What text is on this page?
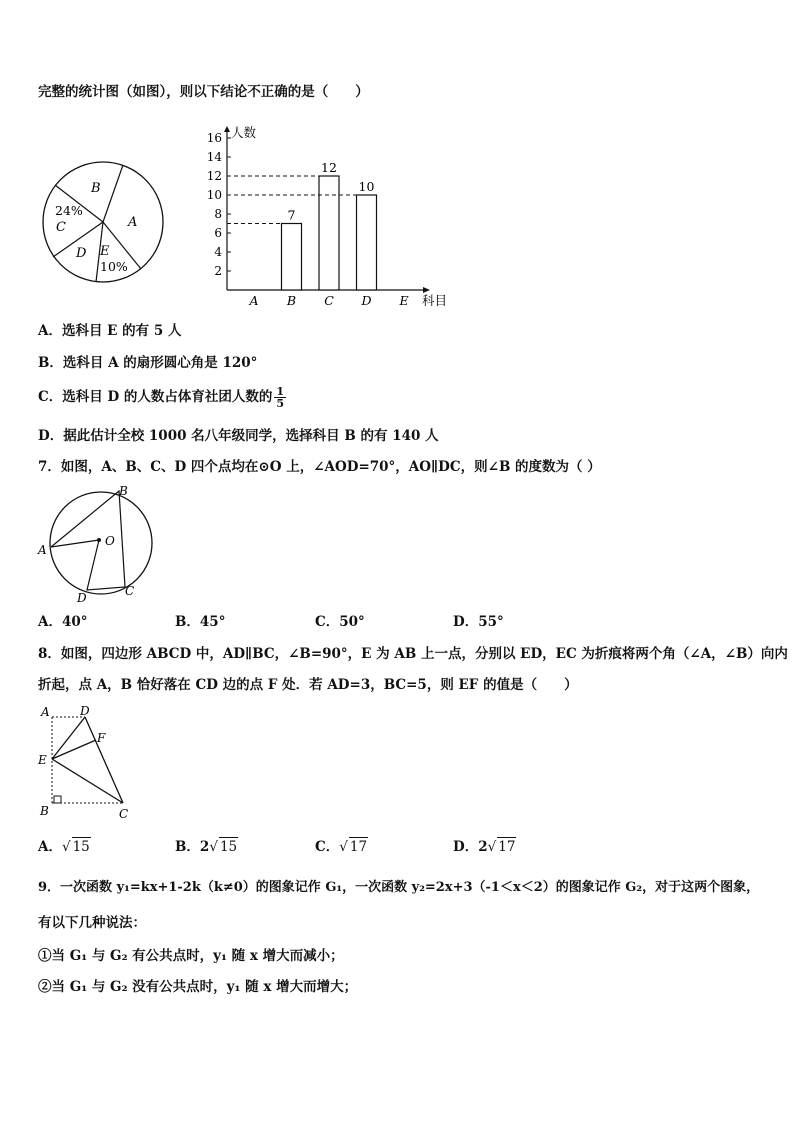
完整的统计图（如图），则以下结论不正确的是（　　）
B
A
24%
C
D E
10%	2
4
6
8
10
12
14
16 人数
科目
A B
7
C
12
D
10
E
A．选科目 E 的有 5 人
B．选科目 A 的扇形圆心角是 120°
C．选科目 D 的人数占体育社团人数的 $\frac{1}{5}$
D．据此估计全校 1000 名八年级同学，选择科目 B 的有 140 人
7．如图，A、B、C、D 四个点均在⊙O 上，∠AOD=70°，AO∥DC，则∠B 的度数为（ ）
B
A
O
C
D
A．40°	B．45°	C．50°	D．55°
8．如图，四边形 ABCD 中，AD∥BC，∠B=90°，E 为 AB 上一点，分别以 ED，EC 为折痕将两个角（∠A，∠B）向内
折起，点 A，B 恰好落在 CD 边的点 F 处．若 AD=3，BC=5，则 EF 的值是（　　）
A	D
F
E
B	C
A．√ 15	B．2√ 15	C．√ 17	D．2√ 17
9．一次函数 y₁=kx+1-2k（k≠0）的图象记作 G₁，一次函数 y₂=2x+3（-1＜x＜2）的图象记作 G₂，对于这两个图象，
有以下几种说法：
①当 G₁ 与 G₂ 有公共点时，y₁ 随 x 增大而减小；
②当 G₁ 与 G₂ 没有公共点时，y₁ 随 x 增大而增大；
